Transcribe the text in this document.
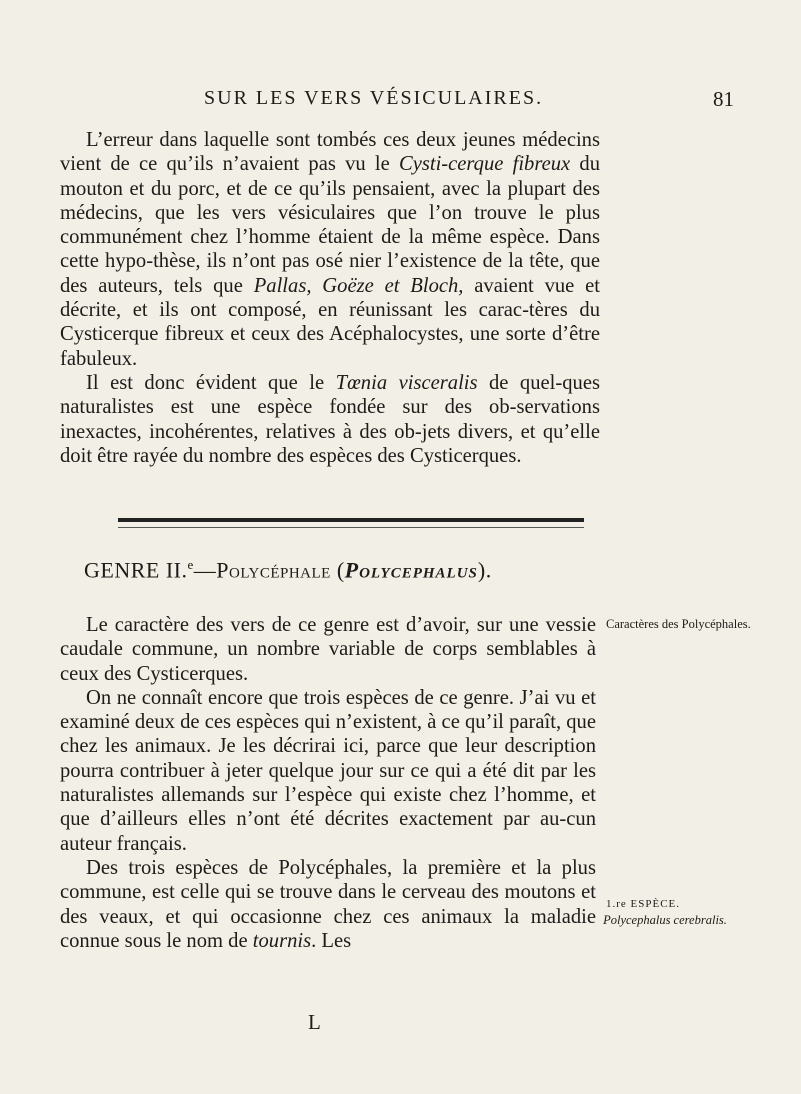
SUR LES VERS VÉSICULAIRES.	81

L’erreur dans laquelle sont tombés ces deux jeunes médecins vient de ce qu’ils n’avaient pas vu le Cysti-cerque fibreux du mouton et du porc, et de ce qu’ils pensaient, avec la plupart des médecins, que les vers vésiculaires que l’on trouve le plus communément chez l’homme étaient de la même espèce. Dans cette hypo-thèse, ils n’ont pas osé nier l’existence de la tête, que des auteurs, tels que Pallas, Goëze et Bloch, avaient vue et décrite, et ils ont composé, en réunissant les carac-tères du Cysticerque fibreux et ceux des Acéphalocystes, une sorte d’être fabuleux.

Il est donc évident que le Tœnia visceralis de quel-ques naturalistes est une espèce fondée sur des ob-servations inexactes, incohérentes, relatives à des ob-jets divers, et qu’elle doit être rayée du nombre des espèces des Cysticerques.

GENRE II.$^e$—Polycéphale (Polycephalus).

Le caractère des vers de ce genre est d’avoir, sur une vessie caudale commune, un nombre variable de corps semblables à ceux des Cysticerques.

On ne connaît encore que trois espèces de ce genre. J’ai vu et examiné deux de ces espèces qui n’existent, à ce qu’il paraît, que chez les animaux. Je les décrirai ici, parce que leur description pourra contribuer à jeter quelque jour sur ce qui a été dit par les naturalistes allemands sur l’espèce qui existe chez l’homme, et que d’ailleurs elles n’ont été décrites exactement par au-cun auteur français.

Des trois espèces de Polycéphales, la première et la plus commune, est celle qui se trouve dans le cerveau des moutons et des veaux, et qui occasionne chez ces animaux la maladie connue sous le nom de tournis. Les

Caractères des Polycéphales.
1.re ESPÈCE.
Polycephalus cerebralis.
L
